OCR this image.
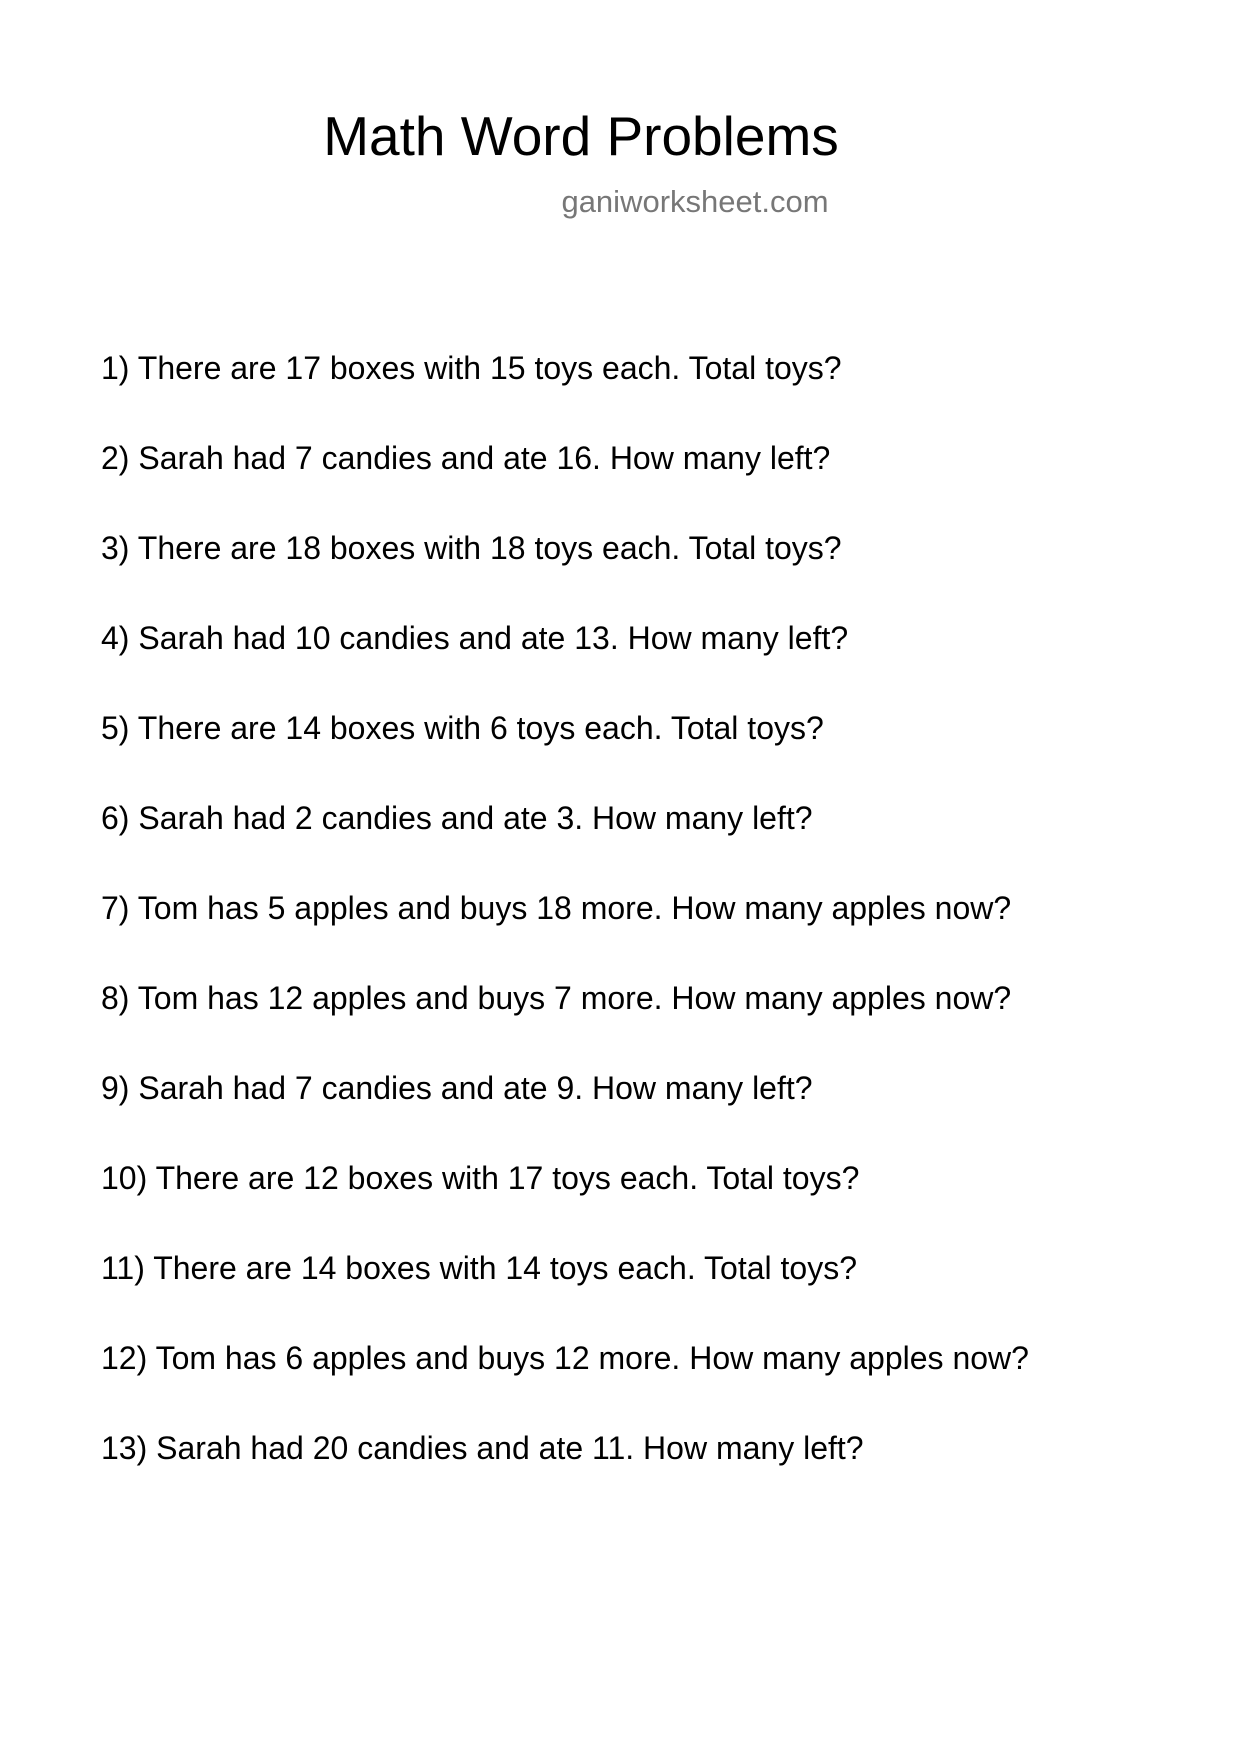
Math Word Problems
ganiworksheet.com
1) There are 17 boxes with 15 toys each. Total toys?
2) Sarah had 7 candies and ate 16. How many left?
3) There are 18 boxes with 18 toys each. Total toys?
4) Sarah had 10 candies and ate 13. How many left?
5) There are 14 boxes with 6 toys each. Total toys?
6) Sarah had 2 candies and ate 3. How many left?
7) Tom has 5 apples and buys 18 more. How many apples now?
8) Tom has 12 apples and buys 7 more. How many apples now?
9) Sarah had 7 candies and ate 9. How many left?
10) There are 12 boxes with 17 toys each. Total toys?
11) There are 14 boxes with 14 toys each. Total toys?
12) Tom has 6 apples and buys 12 more. How many apples now?
13) Sarah had 20 candies and ate 11. How many left?
